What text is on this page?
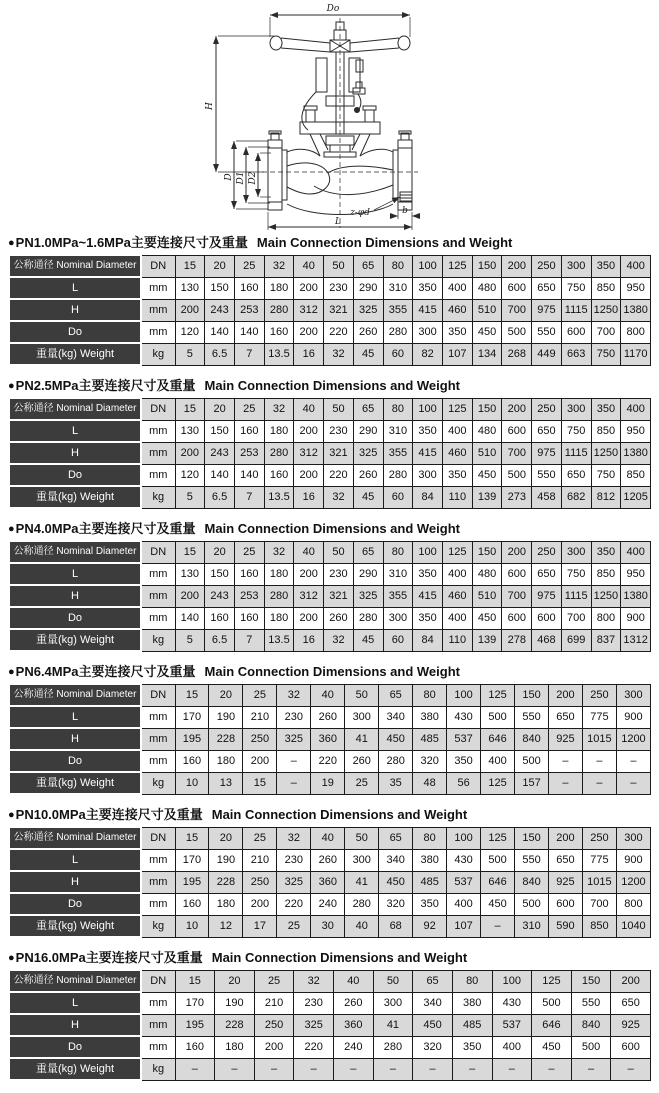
Do
H
D D1 D2
L
b
z-φd
●PN1.0MPa~1.6MPa主要连接尺寸及重量 Main Connection Dimensions and Weight
公称通径 Nominal Diameter	DN	15	20	25	32	40	50	65	80	100	125	150	200	250	300	350	400
L	mm	130	150	160	180	200	230	290	310	350	400	480	600	650	750	850	950
H	mm	200	243	253	280	312	321	325	355	415	460	510	700	975	1115	1250	1380
Do	mm	120	140	140	160	200	220	260	280	300	350	450	500	550	600	700	800
重量(kg) Weight	kg	5	6.5	7	13.5	16	32	45	60	82	107	134	268	449	663	750	1170
●PN2.5MPa主要连接尺寸及重量 Main Connection Dimensions and Weight
公称通径 Nominal Diameter	DN	15	20	25	32	40	50	65	80	100	125	150	200	250	300	350	400
L	mm	130	150	160	180	200	230	290	310	350	400	480	600	650	750	850	950
H	mm	200	243	253	280	312	321	325	355	415	460	510	700	975	1115	1250	1380
Do	mm	120	140	140	160	200	220	260	280	300	350	450	500	550	650	750	850
重量(kg) Weight	kg	5	6.5	7	13.5	16	32	45	60	84	110	139	273	458	682	812	1205
●PN4.0MPa主要连接尺寸及重量 Main Connection Dimensions and Weight
公称通径 Nominal Diameter	DN	15	20	25	32	40	50	65	80	100	125	150	200	250	300	350	400
L	mm	130	150	160	180	200	230	290	310	350	400	480	600	650	750	850	950
H	mm	200	243	253	280	312	321	325	355	415	460	510	700	975	1115	1250	1380
Do	mm	140	160	160	180	200	260	280	300	350	400	450	600	600	700	800	900
重量(kg) Weight	kg	5	6.5	7	13.5	16	32	45	60	84	110	139	278	468	699	837	1312
●PN6.4MPa主要连接尺寸及重量 Main Connection Dimensions and Weight
公称通径 Nominal Diameter	DN	15	20	25	32	40	50	65	80	100	125	150	200	250	300
L	mm	170	190	210	230	260	300	340	380	430	500	550	650	775	900
H	mm	195	228	250	325	360	41	450	485	537	646	840	925	1015	1200
Do	mm	160	180	200	–	220	260	280	320	350	400	500	–	–	–
重量(kg) Weight	kg	10	13	15	–	19	25	35	48	56	125	157	–	–	–
●PN10.0MPa主要连接尺寸及重量 Main Connection Dimensions and Weight
公称通径 Nominal Diameter	DN	15	20	25	32	40	50	65	80	100	125	150	200	250	300
L	mm	170	190	210	230	260	300	340	380	430	500	550	650	775	900
H	mm	195	228	250	325	360	41	450	485	537	646	840	925	1015	1200
Do	mm	160	180	200	220	240	280	320	350	400	450	500	600	700	800
重量(kg) Weight	kg	10	12	17	25	30	40	68	92	107	–	310	590	850	1040
●PN16.0MPa主要连接尺寸及重量 Main Connection Dimensions and Weight
公称通径 Nominal Diameter	DN	15	20	25	32	40	50	65	80	100	125	150	200
L	mm	170	190	210	230	260	300	340	380	430	500	550	650
H	mm	195	228	250	325	360	41	450	485	537	646	840	925
Do	mm	160	180	200	220	240	280	320	350	400	450	500	600
重量(kg) Weight	kg	–	–	–	–	–	–	–	–	–	–	–	–
